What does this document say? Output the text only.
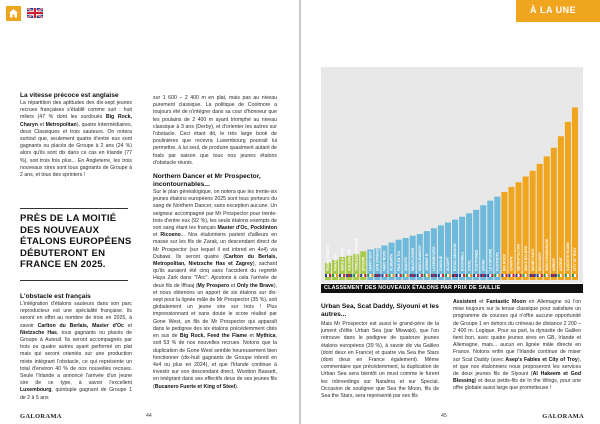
La vitesse précoce est anglaise

La répartition des aptitudes des dix-sept jeunes recrues françaises s'établit comme suit : huit milers (47 % dont les surdoués Big Rock, Charyn et Metropolitan), quatre intermédiaires, deux Classiques et trois sauteurs. On notera surtout que, seulement quatre d'entre eux sont gagnants ou placés de Groupe à 2 ans (24 %) alors qu'ils sont dix dans ce cas en Irlande (77 %), soit trois fois plus... En Angleterre, les trois nouveaux sires sont tous gagnants de Groupe à 2 ans, et tous des sprinters !

PRÈS DE LA MOITIÉ DES NOUVEAUX ÉTALONS EUROPÉENS DÉBUTERONT EN FRANCE EN 2025.
L'obstacle est français

L'intégration d'étalons sauteurs dans son parc reproducteur est une spécialité française. Ils seront en effet au nombre de trois en 2025, à savoir Carlton du Berlais, Master d'Oc et Nietzsche Has, tous gagnants ou placés de Groupe à Auteuil. Ils seront accompagnés par trois ou quatre autres ayant performé en plat mais qui seront orientés sur une production mixte intégrant l'obstacle, ce qui représente un total d'environ 40 % de nos nouvelles recrues. Seule l'Irlande a annoncé l'arrivée d'un jeune sire de ce type, à savoir l'excellent Luxembourg, quintuple gagnant de Groupe 1 de 2 à 5 ans

sur 1 600 – 2 400 m en plat, mais pas au niveau purement classique. La politique de Coolmore a toujours été de n'intégrer dans sa cour d'honneur que les poulains de 2 400 m ayant triomphé au niveau classique à 3 ans (Derby), et d'orienter les autres sur l'obstacle. Ceci étant dit, le très large book de poulinières que recevra Luxembourg pourrait lui permettre, à lui seul, de produire quasiment autant de foals par saison que tous nos jeunes étalons d'obstacle réunis.

Northern Dancer et Mr Prospector, incontournables...

Sur le plan généalogique, on notera que les trente-six jeunes étalons européens 2025 sont tous porteurs du sang de Northern Dancer, sans exception aucune. Un seigneur accompagné par Mr Prospector pour trente-trois d'entre eux (92 %), les seuls étalons exempts de son sang étant les français Master d'Oc, Pocklinton et Ricoeno... Nos étalonniers parient d'ailleurs en masse sur les fils de Zarak, un descendant direct de Mr Prospector (sur lequel il est inbred en 4x4) via Dubawi. Ils seront quatre (Carlton du Berlais, Metropolitan, Nietzsche Has et Zagrey), sachant qu'ils auraient été cinq sans l'accident du regretté Haya Zark dans "l'Arc". Ajoutons à cela l'arrivée de deux fils de Iffraaj (My Prospero et Only the Brave), et nous obtenons un apport de six étalons sur dix-sept pour la lignée mâle de Mr Prospector (35 %), soit globalement un jeune sire sur trois ! Plus impressionnant et sans doute le score réalisé par Gone West, un fils de Mr Prospector qui apparaît dans le pedigree des six étalons précédemment cités en sus de Big Rock, Feed the Flame et Mythica, soit 53 % de nos nouvelles recrues. Notons que la duplication de Gone West semble heureusement bien fonctionner (dix-huit gagnants de Groupe inbred en 4x4 ou plus en 2024), et que l'Irlande continue à investir sur son descendant direct, Wootton Bassett, en intégrant dans ses effectifs deux de ses jeunes fils (Bucanero Fuerte et King of Steel).

GALORAMA	44
À LA UNE
PEDRO POWER KHAADEM MAKE A WISH GOLDEN TIM TIMELESS EPISODE SIYOUNI HAPPY BOY SAN STRADO FAIRY ROCK ALMERITA PAIX EN TOI ANASTE WILDFLOWER MIDDLEMARCH JOHNNY B LUXEMBOURG CHARLIE ACCEPT ROYAL DRAGON ROCKWELL STATE POSTPONED SAYNA LE KAPOURE FOOTNOTE BIG ROCK CHARYN METROPOLITAN MAKE BELIEVE MONEY BAYS RECOVERY MISS DOWNGRADE ARRIVE ASCENT AUGUSTE RODIN CITY OF TROY
CLASSEMENT DES NOUVEAUX ÉTALONS PAR PRIX DE SAILLIE
Urban Sea, Scat Daddy, Siyouni et les autres...

Mais Mr Prospector est aussi le grand-père de la jument d'élite Urban Sea (par Miswaki), que l'on retrouve dans le pedigree de quatorze jeunes étalons européens (39 %), à savoir dix via Galileo (dont deux en France) et quatre via Sea the Stars (dont deux en France également). Même commentaire que précédemment, la duplication de Urban Sea sera bientôt un must comme le furent les inbreedings sur Natalma et sur Special. Occasion de souligner que Sea the Moon, fils de Sea the Stars, sera représenté par ses fils

Assistent et Fantastic Moon en Allemagne où l'on mise toujours sur la tenue classique pour satisfaire un programme de courses qui n'offre aucune opportunité de Groupe 1 en dehors du créneau de distance 2 200 – 2 400 m. Logique. Pour sa part, la dynastie de Galileo tient bon, avec quatre jeunes sires en GB, Irlande et Allemagne, mais... aucun en lignée mâle directe en France. Notons enfin que l'Irlande continue de miser sur Scat Daddy (avec Asep's Fables et City of Troy), et que nos étalonniers nous proposeront les services de deux jeunes fils de Siyouni (Al Hakeem et God Blessing) et deux petits-fils de In the Wings, pour une offre globale aussi large que prometteuse !

45	GALORAMA
